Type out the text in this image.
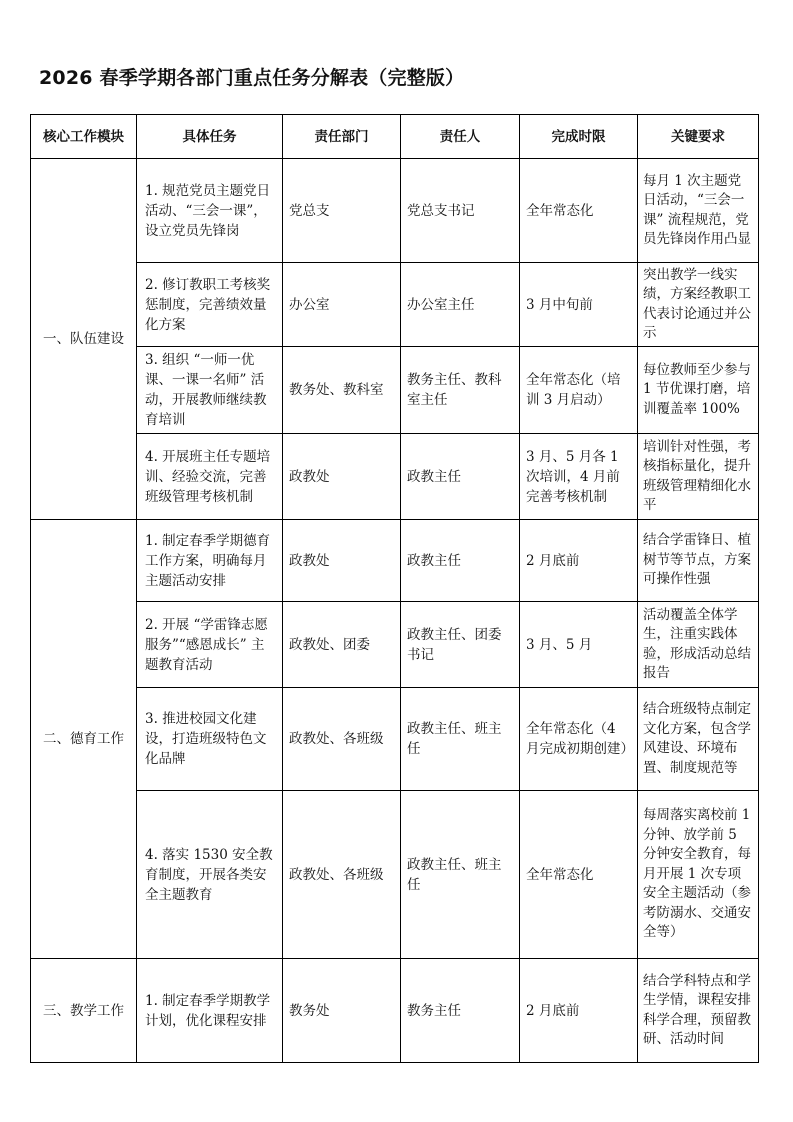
2026 春季学期各部门重点任务分解表（完整版）
核心工作模块	具体任务	责任部门	责任人	完成时限	关键要求
一、队伍建设	1. 规范党员主题党日活动、“三会一课”，设立党员先锋岗	党总支	党总支书记	全年常态化	每月 1 次主题党日活动，“三会一课” 流程规范，党员先锋岗作用凸显
	2. 修订教职工考核奖惩制度，完善绩效量化方案	办公室	办公室主任	3 月中旬前	突出教学一线实绩，方案经教职工代表讨论通过并公示
	3. 组织 “一师一优课、一课一名师” 活动，开展教师继续教育培训	教务处、教科室	教务主任、教科室主任	全年常态化（培训 3 月启动）	每位教师至少参与 1 节优课打磨，培训覆盖率 100%
	4. 开展班主任专题培训、经验交流，完善班级管理考核机制	政教处	政教主任	3 月、5 月各 1 次培训，4 月前完善考核机制	培训针对性强，考核指标量化，提升班级管理精细化水平
二、德育工作	1. 制定春季学期德育工作方案，明确每月主题活动安排	政教处	政教主任	2 月底前	结合学雷锋日、植树节等节点，方案可操作性强
	2. 开展 “学雷锋志愿服务”“感恩成长” 主题教育活动	政教处、团委	政教主任、团委书记	3 月、5 月	活动覆盖全体学生，注重实践体验，形成活动总结报告
	3. 推进校园文化建设，打造班级特色文化品牌	政教处、各班级	政教主任、班主任	全年常态化（4 月完成初期创建）	结合班级特点制定文化方案，包含学风建设、环境布置、制度规范等
	4. 落实 1530 安全教育制度，开展各类安全主题教育	政教处、各班级	政教主任、班主任	全年常态化	每周落实离校前 1 分钟、放学前 5 分钟安全教育，每月开展 1 次专项安全主题活动（参考防溺水、交通安全等）
三、教学工作	1. 制定春季学期教学计划，优化课程安排	教务处	教务主任	2 月底前	结合学科特点和学生学情，课程安排科学合理，预留教研、活动时间
